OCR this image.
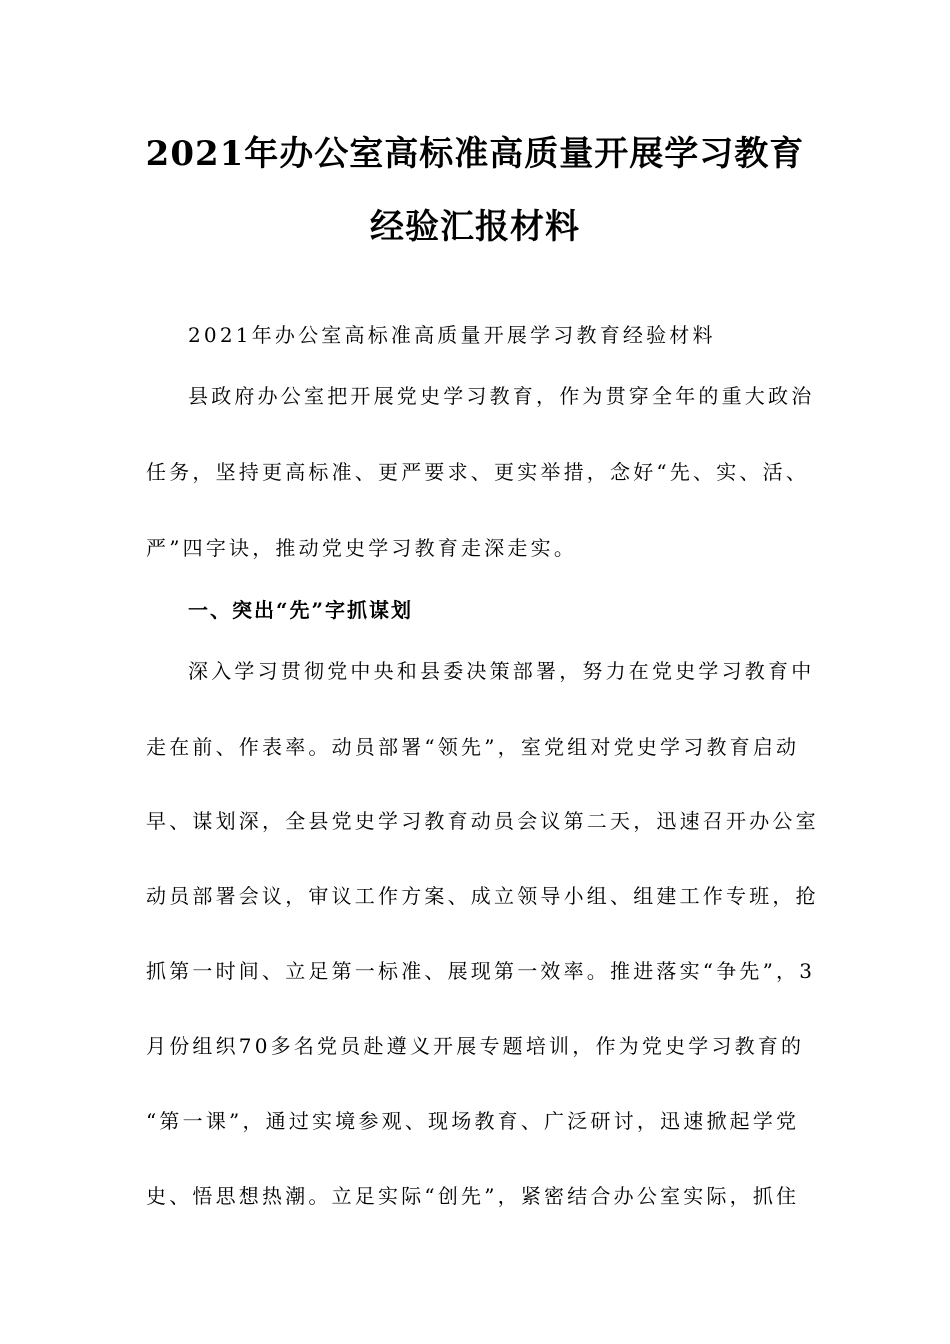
2021年办公室高标准高质量开展学习教育
经验汇报材料
2021年办公室高标准高质量开展学习教育经验材料
县政府办公室把开展党史学习教育，作为贯穿全年的重大政治
任务，坚持更高标准、更严要求、更实举措，念好“先、实、活、
严”四字诀，推动党史学习教育走深走实。
一、突出“先”字抓谋划
深入学习贯彻党中央和县委决策部署，努力在党史学习教育中
走在前、作表率。动员部署“领先”，室党组对党史学习教育启动
早、谋划深，全县党史学习教育动员会议第二天，迅速召开办公室
动员部署会议，审议工作方案、成立领导小组、组建工作专班，抢
抓第一时间、立足第一标准、展现第一效率。推进落实“争先”，3
月份组织70多名党员赴遵义开展专题培训，作为党史学习教育的
“第一课”，通过实境参观、现场教育、广泛研讨，迅速掀起学党
史、悟思想热潮。立足实际“创先”，紧密结合办公室实际，抓住
